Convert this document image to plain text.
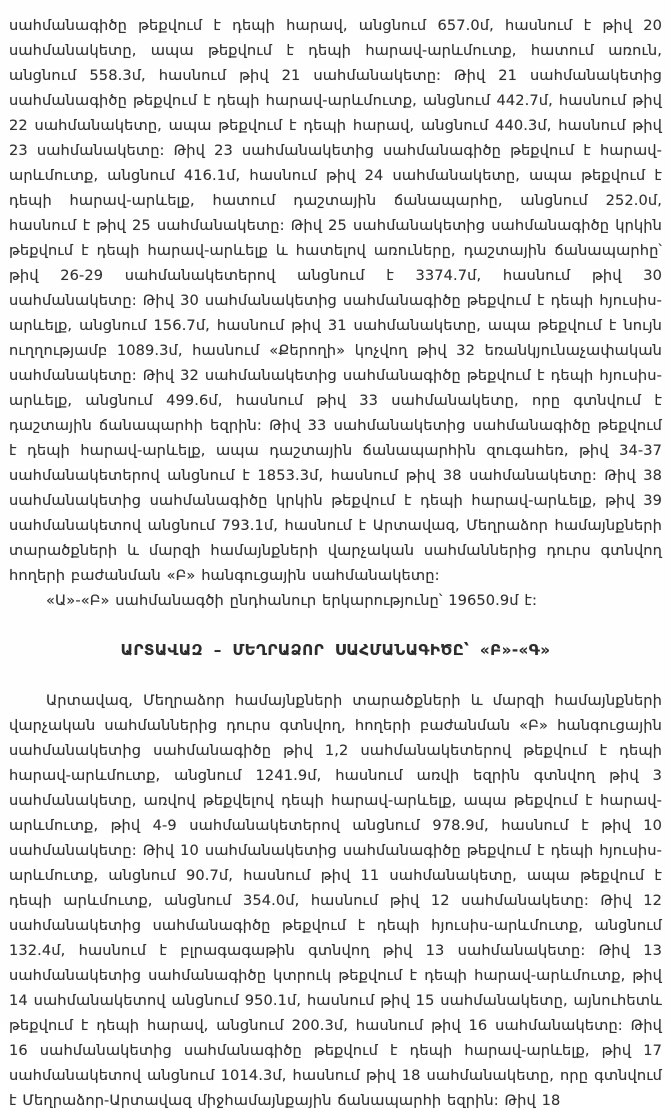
սահմանագիծը թեքվում է դեպի հարավ, անցնում 657.0մ, հասնում է թիվ 20 սահմանակետը, ապա թեքվում է դեպի հարավ-արևմուտք, հատում առուն, անցնում 558.3մ, հասնում թիվ 21 սահմանակետը: Թիվ 21 սահմանակետից սահմանագիծը թեքվում է դեպի հարավ-արևմուտք, անցնում 442.7մ, հասնում թիվ 22 սահմանակետը, ապա թեքվում է դեպի հարավ, անցնում 440.3մ, հասնում թիվ 23 սահմանակետը: Թիվ 23 սահմանակետից սահմանագիծը թեքվում է հարավ-արևմուտք, անցնում 416.1մ, հասնում թիվ 24 սահմանակետը, ապա թեքվում է դեպի հարավ-արևելք, հատում դաշտային ճանապարհը, անցնում 252.0մ, հասնում է թիվ 25 սահմանակետը: Թիվ 25 սահմանակետից սահմանագիծը կրկին թեքվում է դեպի հարավ-արևելք և հատելով առուները, դաշտային ճանապարհը՝ թիվ 26-29 սահմանակետերով անցնում է 3374.7մ, հասնում թիվ 30 սահմանակետը: Թիվ 30 սահմանակետից սահմանագիծը թեքվում է դեպի հյուսիս-արևելք, անցնում 156.7մ, հասնում թիվ 31 սահմանակետը, ապա թեքվում է նույն ուղղությամբ 1089.3մ, հասնում «Քերողի» կոչվող թիվ 32 եռանկյունաչափական սահմանակետը: Թիվ 32 սահմանակետից սահմանագիծը թեքվում է դեպի հյուսիս-արևելք, անցնում 499.6մ, հասնում թիվ 33 սահմանակետը, որը գտնվում է դաշտային ճանապարհի եզրին: Թիվ 33 սահմանակետից սահմանագիծը թեքվում է դեպի հարավ-արևելք, ապա դաշտային ճանապարհին զուգահեռ, թիվ 34-37 սահմանակետերով անցնում է 1853.3մ, հասնում թիվ 38 սահմանակետը: Թիվ 38 սահմանակետից սահմանագիծը կրկին թեքվում է դեպի հարավ-արևելք, թիվ 39 սահմանակետով անցնում 793.1մ, հասնում է Արտավազ, Մեղրաձոր համայնքների տարածքների և մարզի համայնքների վարչական սահմաններից դուրս գտնվող հողերի բաժանման «Բ» հանգուցային սահմանակետը:

«Ա»-«Բ» սահմանագծի ընդհանուր երկարությունը՝ 19650.9մ է:

ԱՐՏԱՎԱԶ – ՄԵՂՐԱՁՈՐ ՍԱՀՄԱՆԱԳԻԾԸ՝ «Բ»-«Գ»

Արտավազ, Մեղրաձոր համայնքների տարածքների և մարզի համայնքների վարչական սահմաններից դուրս գտնվող, հողերի բաժանման «Բ» հանգուցային սահմանակետից սահմանագիծը թիվ 1,2 սահմանակետերով թեքվում է դեպի հարավ-արևմուտք, անցնում 1241.9մ, հասնում առվի եզրին գտնվող թիվ 3 սահմանակետը, առվով թեքվելով դեպի հարավ-արևելք, ապա թեքվում է հարավ-արևմուտք, թիվ 4-9 սահմանակետերով անցնում 978.9մ, հասնում է թիվ 10 սահմանակետը: Թիվ 10 սահմանակետից սահմանագիծը թեքվում է դեպի հյուսիս-արևմուտք, անցնում 90.7մ, հասնում թիվ 11 սահմանակետը, ապա թեքվում է դեպի արևմուտք, անցնում 354.0մ, հասնում թիվ 12 սահմանակետը: Թիվ 12 սահմանակետից սահմանագիծը թեքվում է դեպի հյուսիս-արևմուտք, անցնում 132.4մ, հասնում է բլրագագաթին գտնվող թիվ 13 սահմանակետը: Թիվ 13 սահմանակետից սահմանագիծը կտրուկ թեքվում է դեպի հարավ-արևմուտք, թիվ 14 սահմանակետով անցնում 950.1մ, հասնում թիվ 15 սահմանակետը, այնուհետև թեքվում է դեպի հարավ, անցնում 200.3մ, հասնում թիվ 16 սահմանակետը: Թիվ 16 սահմանակետից սահմանագիծը թեքվում է դեպի հարավ-արևելք, թիվ 17 սահմանակետով անցնում 1014.3մ, հասնում թիվ 18 սահմանակետը, որը գտնվում է Մեղրաձոր-Արտավազ միջհամայնքային ճանապարհի եզրին: Թիվ 18
